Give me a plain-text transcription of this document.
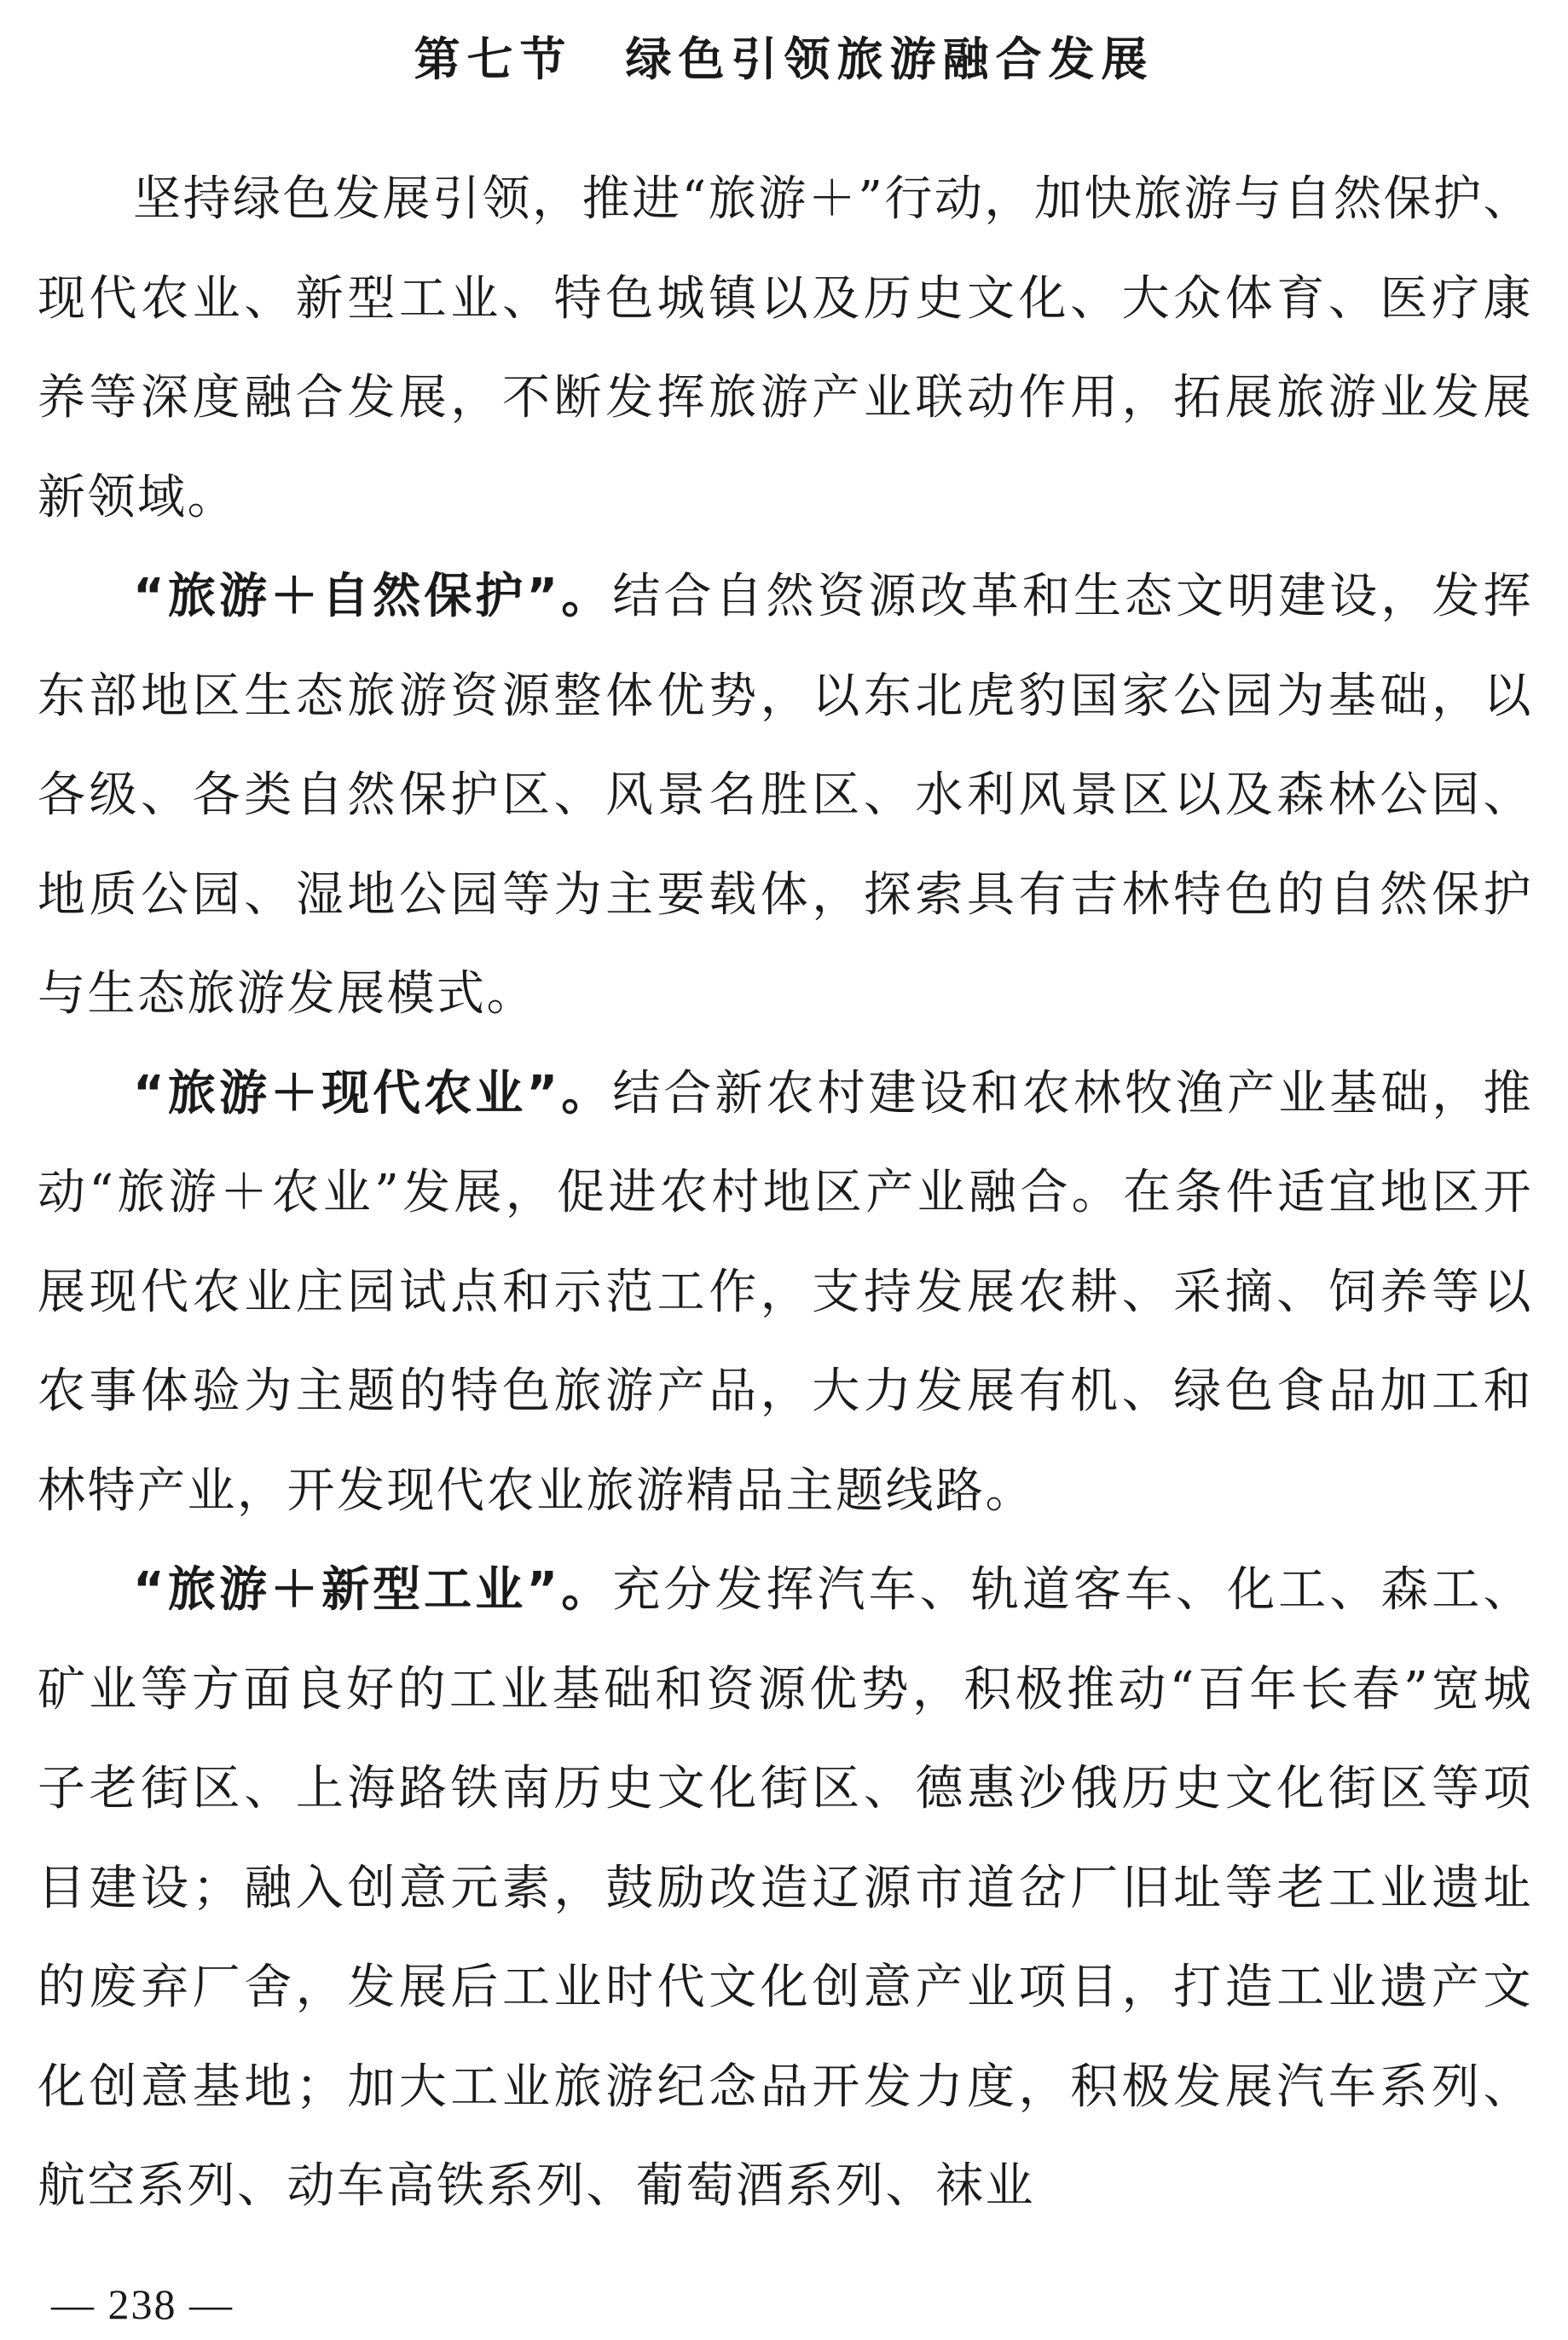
第七节　绿色引领旅游融合发展

坚持绿色发展引领，推进“旅游＋”行动，加快旅游与自然保护、现代农业、新型工业、特色城镇以及历史文化、大众体育、医疗康养等深度融合发展，不断发挥旅游产业联动作用，拓展旅游业发展新领域。

“旅游＋自然保护”。结合自然资源改革和生态文明建设，发挥东部地区生态旅游资源整体优势，以东北虎豹国家公园为基础，以各级、各类自然保护区、风景名胜区、水利风景区以及森林公园、地质公园、湿地公园等为主要载体，探索具有吉林特色的自然保护与生态旅游发展模式。

“旅游＋现代农业”。结合新农村建设和农林牧渔产业基础，推动“旅游＋农业”发展，促进农村地区产业融合。在条件适宜地区开展现代农业庄园试点和示范工作，支持发展农耕、采摘、饲养等以农事体验为主题的特色旅游产品，大力发展有机、绿色食品加工和林特产业，开发现代农业旅游精品主题线路。

“旅游＋新型工业”。充分发挥汽车、轨道客车、化工、森工、矿业等方面良好的工业基础和资源优势，积极推动“百年长春”宽城子老街区、上海路铁南历史文化街区、德惠沙俄历史文化街区等项目建设；融入创意元素，鼓励改造辽源市道岔厂旧址等老工业遗址的废弃厂舍，发展后工业时代文化创意产业项目，打造工业遗产文化创意基地；加大工业旅游纪念品开发力度，积极发展汽车系列、航空系列、动车高铁系列、葡萄酒系列、袜业

— 238 —
